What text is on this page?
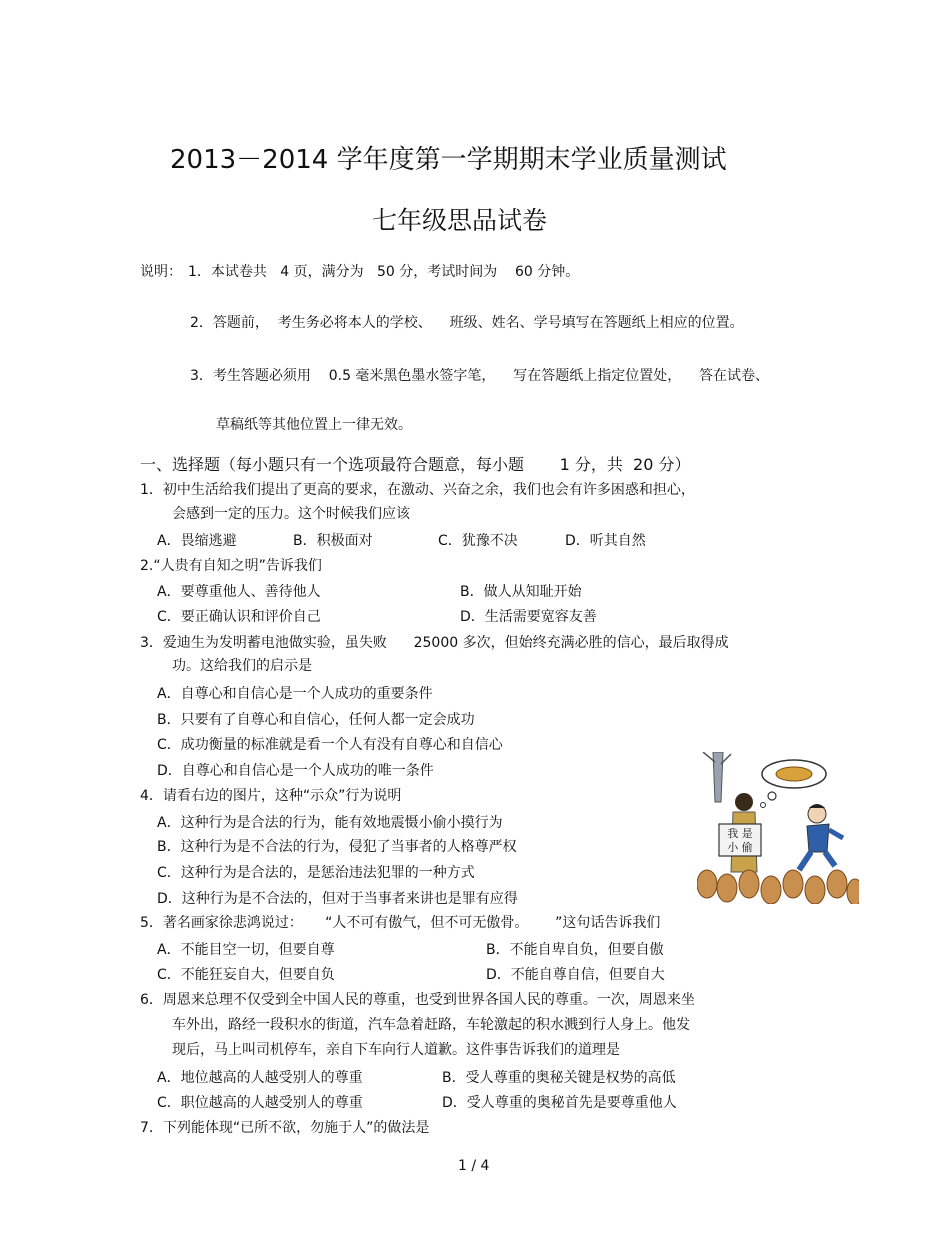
2013－2014 学年度第一学期期末学业质量测试
七年级思品试卷
说明： 1．本试卷共   4 页，满分为   50 分，考试时间为    60 分钟。
2．答题前，  考生务必将本人的学校、    班级、姓名、学号填写在答题纸上相应的位置。
3．考生答题必须用    0.5 毫米黑色墨水签字笔，    写在答题纸上指定位置处，    答在试卷、
草稿纸等其他位置上一律无效。
一、选择题（每小题只有一个选项最符合题意，每小题       1 分，共  20 分）
1．初中生活给我们提出了更高的要求，在激动、兴奋之余，我们也会有许多困惑和担心，
会感到一定的压力。这个时候我们应该
A．畏缩逃避	B．积极面对	C．犹豫不决	D．听其自然
2.“人贵有自知之明”告诉我们
A．要尊重他人、善待他人	B．做人从知耻开始
C．要正确认识和评价自己	D．生活需要宽容友善
3．爱迪生为发明蓄电池做实验，虽失败      25000 多次，但始终充满必胜的信心，最后取得成
功。这给我们的启示是
A．自尊心和自信心是一个人成功的重要条件
B．只要有了自尊心和自信心，任何人都一定会成功
C．成功衡量的标准就是看一个人有没有自尊心和自信心
D．自尊心和自信心是一个人成功的唯一条件
4．请看右边的图片，这种“示众”行为说明
A．这种行为是合法的行为，能有效地震慑小偷小摸行为
B．这种行为是不合法的行为，侵犯了当事者的人格尊严权
C．这种行为是合法的，是惩治违法犯罪的一种方式
D．这种行为是不合法的，但对于当事者来讲也是罪有应得
我 是
小 偷
5．著名画家徐悲鸿说过：     “人不可有傲气，但不可无傲骨。      ”这句话告诉我们
A．不能目空一切，但要自尊	B．不能自卑自负，但要自傲
C．不能狂妄自大，但要自负	D．不能自尊自信，但要自大
6．周恩来总理不仅受到全中国人民的尊重，也受到世界各国人民的尊重。一次，周恩来坐
车外出，路经一段积水的街道，汽车急着赶路，车轮激起的积水溅到行人身上。他发
现后，马上叫司机停车，亲自下车向行人道歉。这件事告诉我们的道理是
A．地位越高的人越受别人的尊重	B．受人尊重的奥秘关键是权势的高低
C．职位越高的人越受别人的尊重	D．受人尊重的奥秘首先是要尊重他人
7．下列能体现“已所不欲，勿施于人”的做法是
1 / 4
